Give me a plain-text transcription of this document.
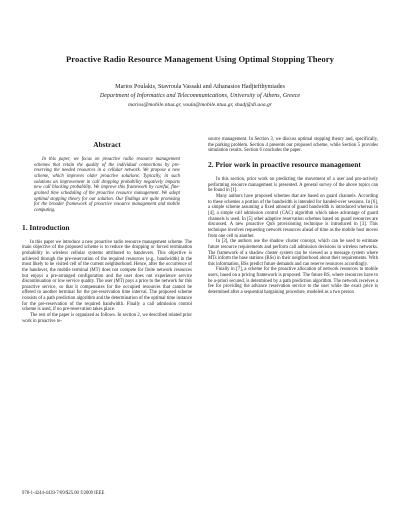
Proactive Radio Resource Management Using Optimal Stopping Theory
Marios Poulakis, Stavroula Vassaki and Athanasios Hadjiefthymiades
Department of Informatics and Telecommunications, University of Athens, Greece
marios@mobile.ntua.gr, voula@mobile.ntua.gr, shadj@di.uoa.gr
Abstract

In this paper, we focus on proactive radio resource management schemes that retain the quality of the individual connections by pre-reserving the needed resources in a cellular network. We propose a new scheme, which improves older proactive solutions. Typically, in such solutions an improvement in call dropping probability negatively impacts new call blocking probability. We improve this framework by careful, fine-grained time scheduling of the proactive resource management. We adopt optimal stopping theory for our solution. Our findings are quite promising for the broader framework of proactive resource management and mobile computing.

1. Introduction

In this paper we introduce a new proactive radio resource management scheme. The main objective of the proposed scheme is to reduce the dropping or forced termination probability in wireless cellular systems attributed to handovers. This objective is achieved through the pre-reservation of the required resources (e.g., bandwidth) in the most likely to be visited cell of the current neighborhood. Hence, after the occurrence of the handover, the mobile terminal (MT) does not compete for finite network resources but enjoys a pre-arranged configuration and the user does not experience service discontinuation or low service quality. The user (MT) pays a price to the network for this proactive service, so that it compensates for the occupied resources that cannot be offered to another terminal for the pre-reservation time interval. The proposed scheme consists of a path prediction algorithm and the determination of the optimal time instance for the pre-reservation of the required bandwidth. Finally a call admission control scheme is used, if no pre-reservation takes place.

The rest of the paper is organized as follows. In section 2, we described related prior work in proactive re-

source management. In Section 3, we discuss optimal stopping theory and, specifically, the parking problem. Section 4 presents our proposed scheme, while Section 5 provides simulation results. Section 6 concludes the paper.

2. Prior work in proactive resource management

In this section, prior work on predicting the movement of a user and pro-actively performing resource management is presented. A general survey of the above topics can be found in [1].

Many authors have proposed schemes that are based on guard channels. According to these schemes a portion of the bandwidth is intended for handed-over sessions. In [6], a simple scheme assuming a fixed amount of guard bandwidth is introduced whereas in [4], a simple call admission control (CAC) algorithm which takes advantage of guard channels is used. In [5] other adaptive reservation schemes based on guard resources are discussed. A new proactive QoS provisioning technique is introduced in [3]. This technique involves requesting network resources ahead of time as the mobile host moves from one cell to another.

In [2], the authors use the shadow cluster concept, which can be used to estimate future resource requirements and perform call admission decisions in wireless networks. The framework of a shadow cluster system can be viewed as a message system where MTs inform the base stations (BSs) in their neighborhood about their requirements. With this information, BSs predict future demands and can reserve resources accordingly.

Finally in [7], a scheme for the proactive allocation of network resources to mobile users, based on a pricing framework is proposed. The future BS, where resources have to be a-priori secured, is determined by a path prediction algorithm. The network receives a fee for providing the advance reservation service to the user while the exact price is determined after a sequential bargaining procedure, modeled as a two person

978-1-4244-4439-7/09/$25.00 ©2009 IEEE
